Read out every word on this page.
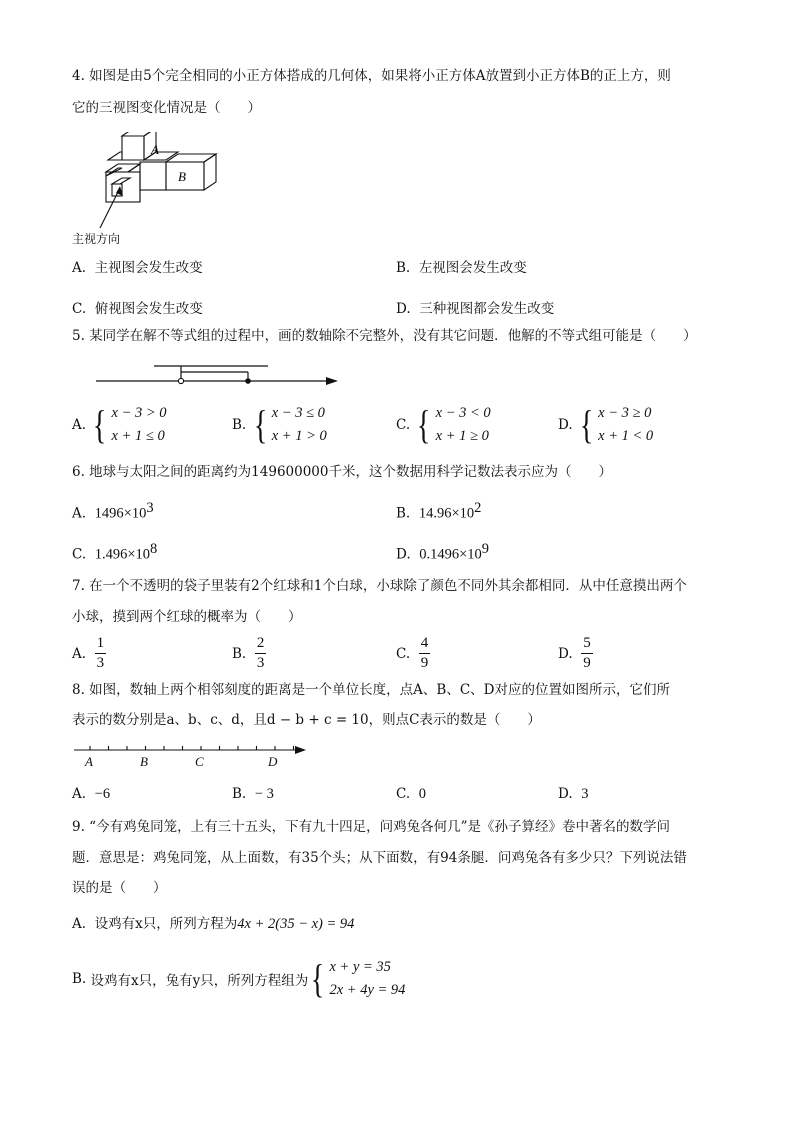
4. 如图是由5个完全相同的小正方体搭成的几何体，如果将小正方体A放置到小正方体B的正上方，则
它的三视图变化情况是（　　）
A
B
主视方向
A. 主视图会发生改变	B. 左视图会发生改变
C. 俯视图会发生改变	D. 三种视图都会发生改变
5. 某同学在解不等式组的过程中，画的数轴除不完整外，没有其它问题．他解的不等式组可能是（　　）
A.
{ x − 3 > 0
x + 1 ≤ 0
B.
{ x − 3 ≤ 0
x + 1 > 0
C.
{ x − 3 < 0
x + 1 ≥ 0
D.
{ x − 3 ≥ 0
x + 1 < 0
6. 地球与太阳之间的距离约为149600000千米，这个数据用科学记数法表示应为（　　）
A. $1496\times 10^3$	B. $14.96\times 10^2$
C. $1.496\times 10^8$	D. $0.1496\times 10^9$
7. 在一个不透明的袋子里装有2个红球和1个白球，小球除了颜色不同外其余都相同．从中任意摸出两个
小球，摸到两个红球的概率为（　　）
A.
$\frac{1}{3}$	B.
$\frac{2}{3}$	C.
$\frac{4}{9}$	D.
$\frac{5}{9}$
8. 如图，数轴上两个相邻刻度的距离是一个单位长度，点A、B、C、D对应的位置如图所示，它们所
表示的数分别是a、b、c、d，且d − b + c = 10，则点C表示的数是（　　）
A	B	C	D
A. −6	B. − 3	C. 0	D. 3
9. “今有鸡兔同笼，上有三十五头，下有九十四足，问鸡兔各何几”是《孙子算经》卷中著名的数学问
题．意思是：鸡兔同笼，从上面数，有35个头；从下面数，有94条腿．问鸡兔各有多少只？下列说法错
误的是（　　）
A. 设鸡有x只，所列方程为4x + 2(35 − x) = 94
B.
设鸡有x只，兔有y只，所列方程组为 { x + y = 35
2x + 4y = 94
